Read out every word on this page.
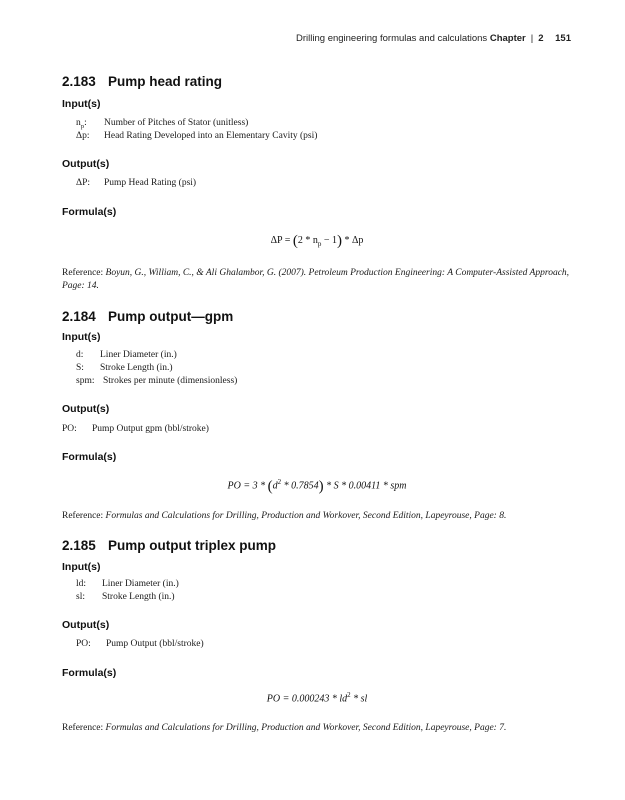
Drilling engineering formulas and calculations Chapter | 2 151
2.183 Pump head rating
Input(s)
$n_p$: Number of Pitches of Stator (unitless)
Δp: Head Rating Developed into an Elementary Cavity (psi)
Output(s)
ΔP: Pump Head Rating (psi)
Formula(s)
$\Delta P = (2 * n_p - 1) * \Delta p$
Reference: Boyun, G., William, C., & Ali Ghalambor, G. (2007). Petroleum Production Engineering: A Computer-Assisted Approach, Page: 14.
2.184 Pump output—gpm
Input(s)
d: Liner Diameter (in.)
S: Stroke Length (in.)
spm: Strokes per minute (dimensionless)
Output(s)
PO: Pump Output gpm (bbl/stroke)
Formula(s)
PO = $3 * (d^2 * 0.7854)$ * S * 0.00411 * spm
Reference: Formulas and Calculations for Drilling, Production and Workover, Second Edition, Lapeyrouse, Page: 8.
2.185 Pump output triplex pump
Input(s)
ld: Liner Diameter (in.)
sl: Stroke Length (in.)
Output(s)
PO: Pump Output (bbl/stroke)
Formula(s)
PO = $0.000243 * ld^2$ * sl
Reference: Formulas and Calculations for Drilling, Production and Workover, Second Edition, Lapeyrouse, Page: 7.
